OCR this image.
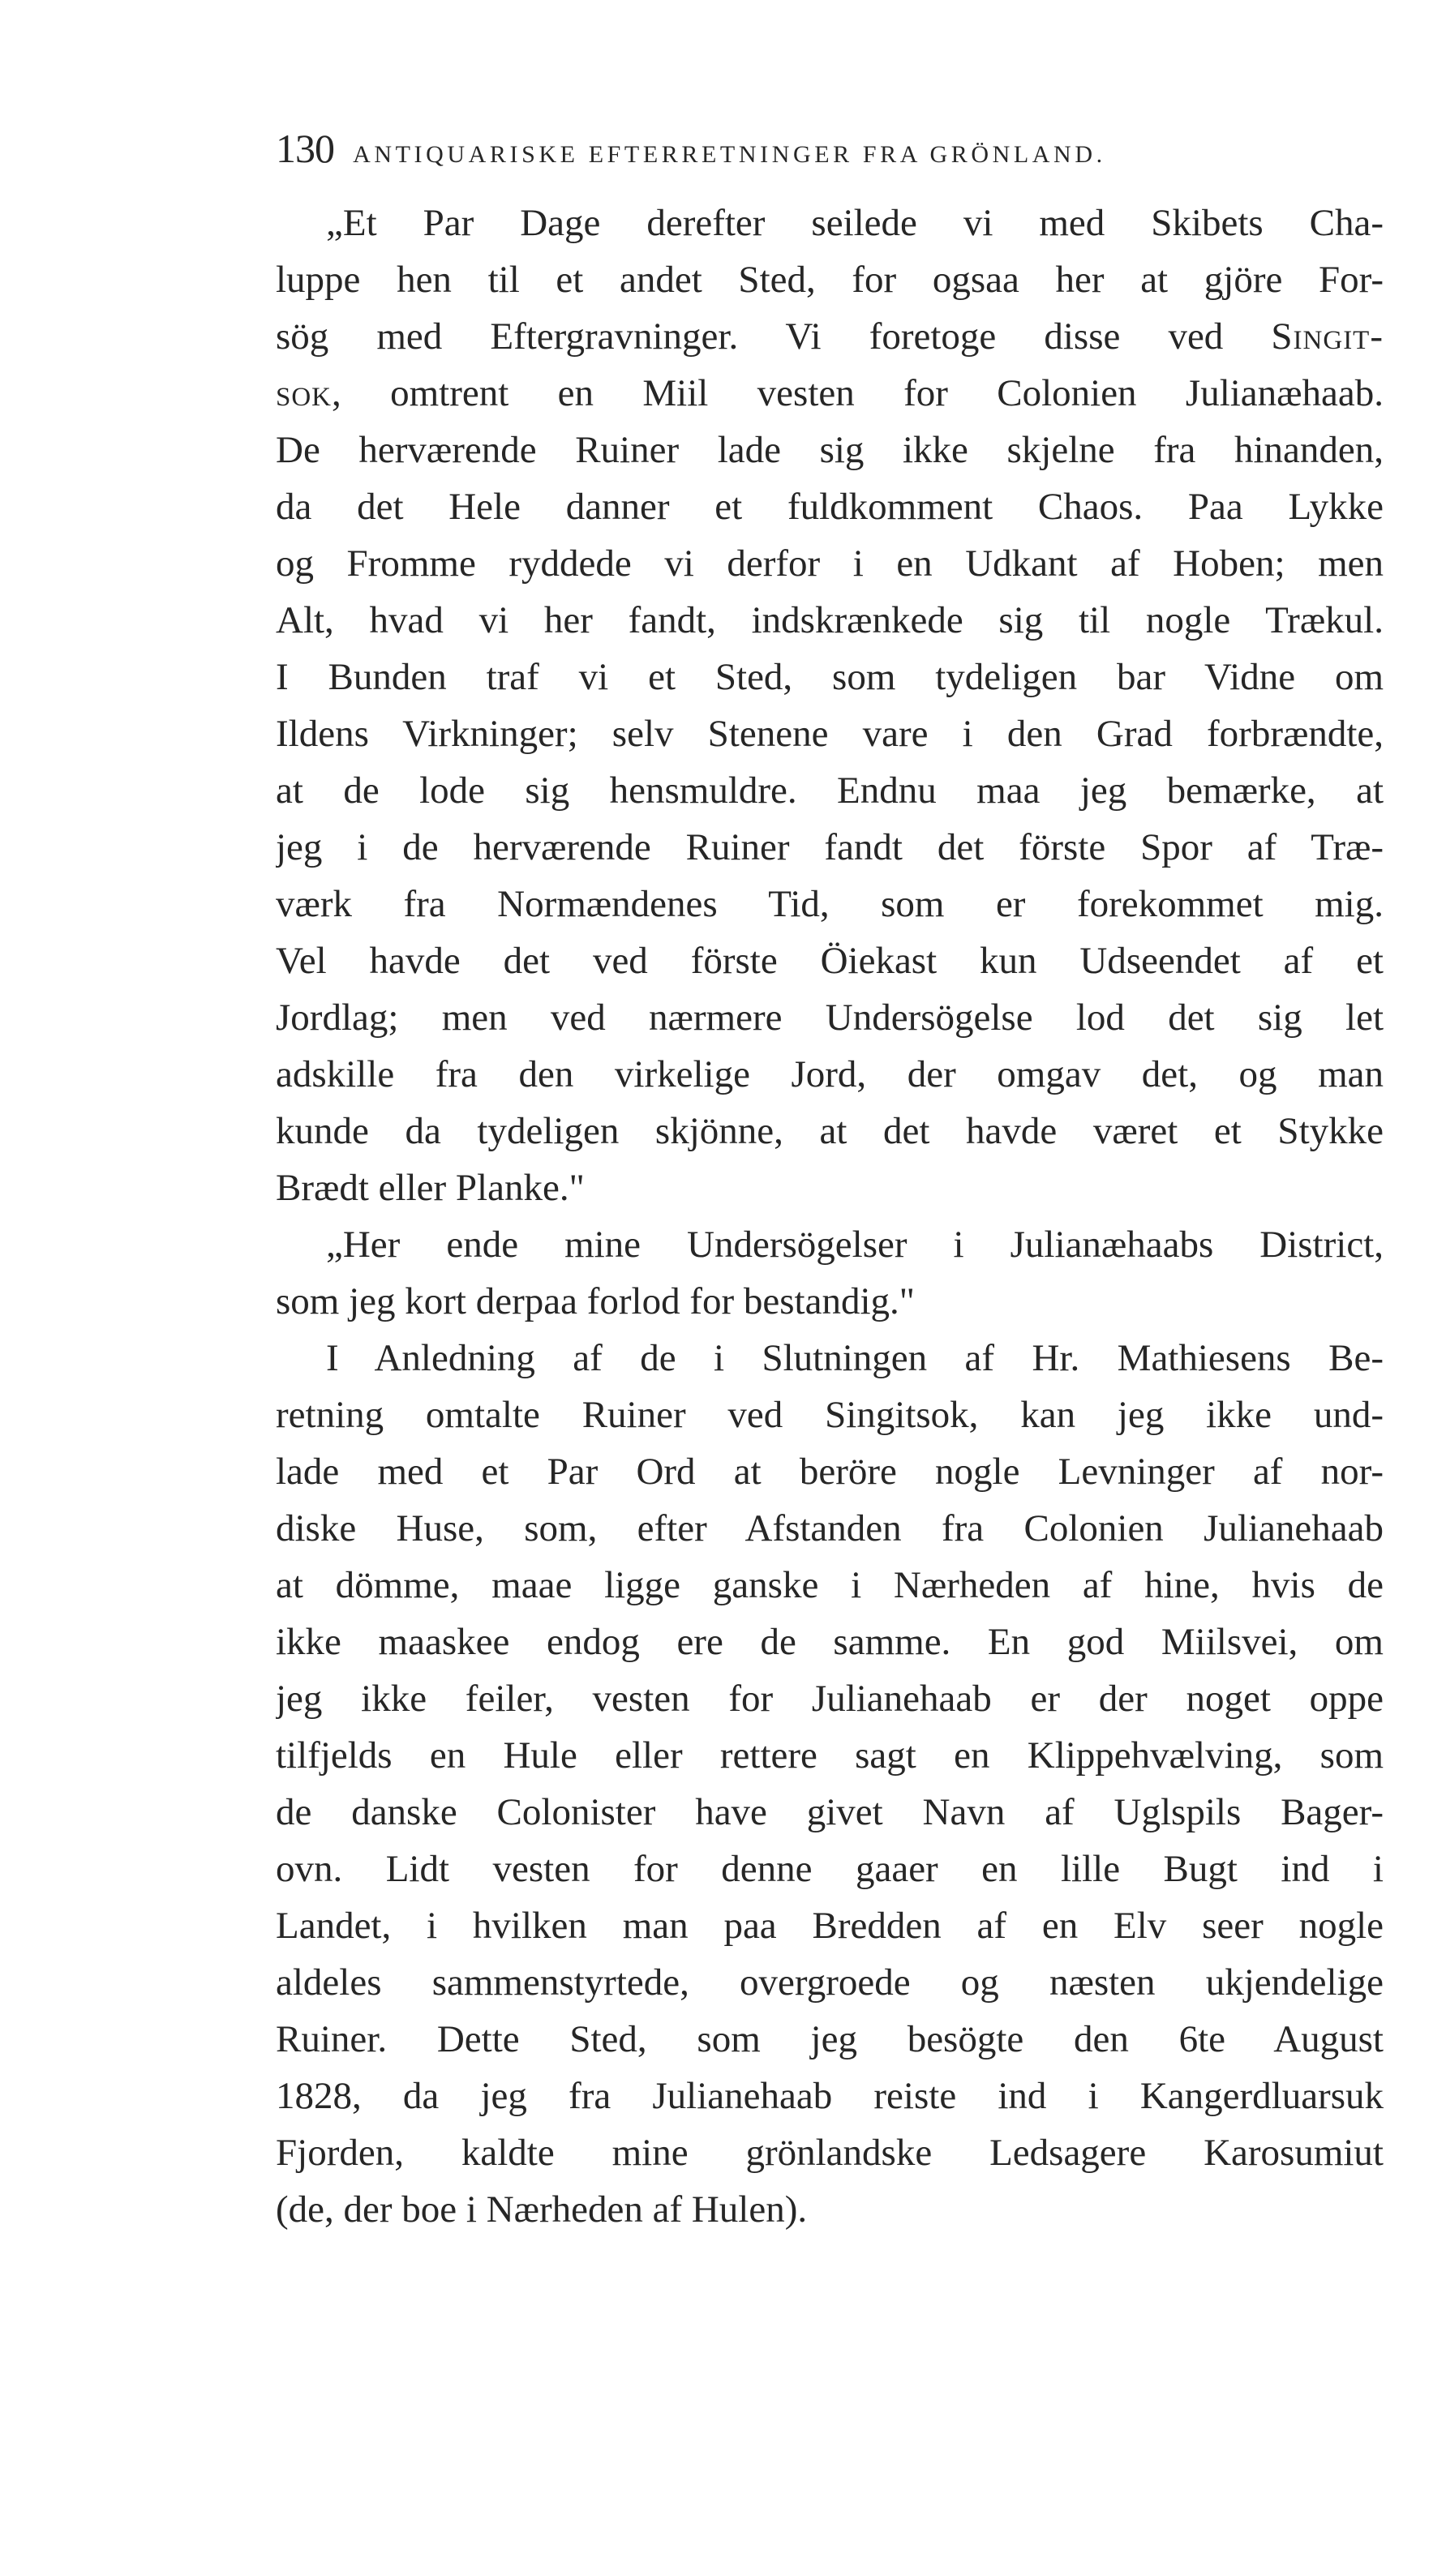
130 ANTIQUARISKE EFTERRETNINGER FRA GRÖNLAND.
„Et Par Dage derefter seilede vi med Skibets Cha-
luppe hen til et andet Sted, for ogsaa her at gjöre For-
sög med Eftergravninger. Vi foretoge disse ved Singit-
sok, omtrent en Miil vesten for Colonien Julianæhaab.
De herværende Ruiner lade sig ikke skjelne fra hinanden,
da det Hele danner et fuldkomment Chaos. Paa Lykke
og Fromme ryddede vi derfor i en Udkant af Hoben; men
Alt, hvad vi her fandt, indskrænkede sig til nogle Trækul.
I Bunden traf vi et Sted, som tydeligen bar Vidne om
Ildens Virkninger; selv Stenene vare i den Grad forbrændte,
at de lode sig hensmuldre. Endnu maa jeg bemærke, at
jeg i de herværende Ruiner fandt det förste Spor af Træ-
værk fra Normændenes Tid, som er forekommet mig.
Vel havde det ved förste Öiekast kun Udseendet af et
Jordlag; men ved nærmere Undersögelse lod det sig let
adskille fra den virkelige Jord, der omgav det, og man
kunde da tydeligen skjönne, at det havde været et Stykke
Brædt eller Planke."
„Her ende mine Undersögelser i Julianæhaabs District,
som jeg kort derpaa forlod for bestandig."
I Anledning af de i Slutningen af Hr. Mathiesens Be-
retning omtalte Ruiner ved Singitsok, kan jeg ikke und-
lade med et Par Ord at beröre nogle Levninger af nor-
diske Huse, som, efter Afstanden fra Colonien Julianehaab
at dömme, maae ligge ganske i Nærheden af hine, hvis de
ikke maaskee endog ere de samme. En god Miilsvei, om
jeg ikke feiler, vesten for Julianehaab er der noget oppe
tilfjelds en Hule eller rettere sagt en Klippehvælving, som
de danske Colonister have givet Navn af Uglspils Bager-
ovn. Lidt vesten for denne gaaer en lille Bugt ind i
Landet, i hvilken man paa Bredden af en Elv seer nogle
aldeles sammenstyrtede, overgroede og næsten ukjendelige
Ruiner. Dette Sted, som jeg besögte den 6te August
1828, da jeg fra Julianehaab reiste ind i Kangerdluarsuk
Fjorden, kaldte mine grönlandske Ledsagere Karosumiut
(de, der boe i Nærheden af Hulen).
